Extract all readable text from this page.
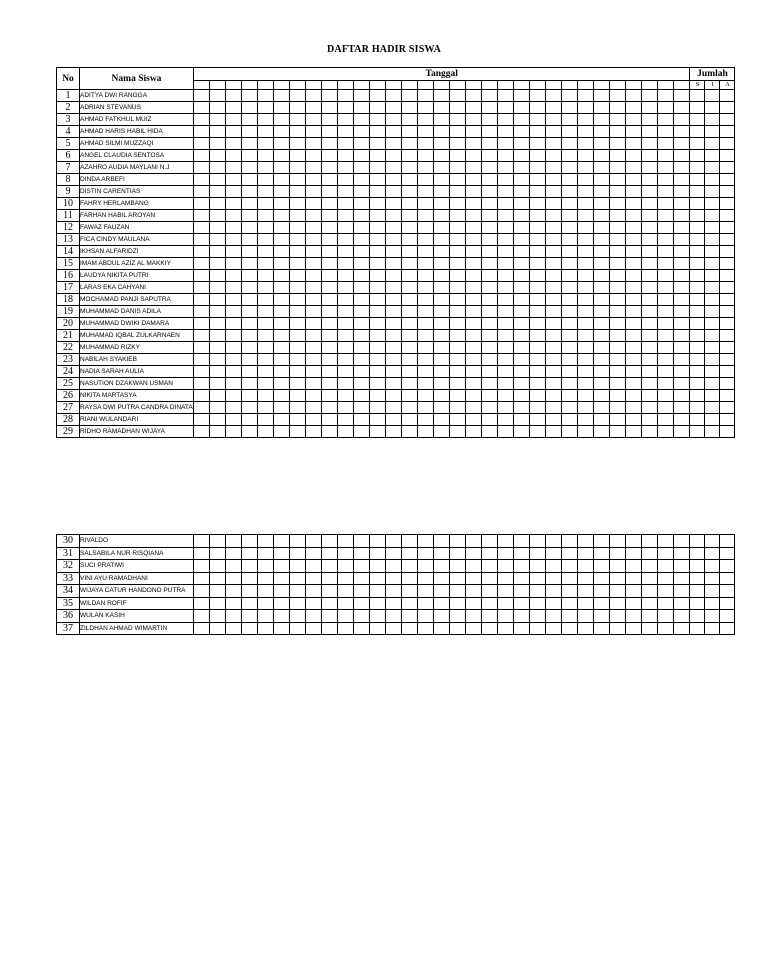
DAFTAR HADIR SISWA
No	Nama Siswa	Tanggal																															Jumlah		
																																	S	I	A
1	ADITYA DWI RANGGA																																		
2	ADRIAN STEVANUS																																		
3	AHMAD FATKHUL MUIZ																																		
4	AHMAD HARIS HABIL HIDA																																		
5	AHMAD SILMI MUZZAQI																																		
6	ANGEL CLAUDIA SENTOSA																																		
7	AZAHRO AUDIA MAYLANI N.J																																		
8	DINDA ARBEFI																																		
9	DISTIN CARENTIAS																																		
10	FAHRY HERLAMBANG																																		
11	FARHAN HABIL AROYAN																																		
12	FAWAZ FAUZAN																																		
13	FICA CINDY MAULANA																																		
14	IKHSAN ALFARIDZI																																		
15	IMAM ABDUL AZIZ AL MAKKIY																																		
16	LAUDYA NIKITA PUTRI																																		
17	LARAS EKA CAHYANI																																		
18	MOCHAMAD PANJI SAPUTRA																																		
19	MUHAMMAD DANIS ADILA																																		
20	MUHAMMAD DWIKI DAMARA																																		
21	MUHAMAD IQBAL ZULKARNAEN																																		
22	MUHAMMAD RIZKY																																		
23	NABILAH SYAKIEB																																		
24	NADIA SARAH AULIA																																		
25	NASUTION DZAKWAN USMAN																																		
26	NIKITA MARTASYA																																		
27	RAYSA DWI PUTRA CANDRA DINATA																																		
28	RIANI WULANDARI																																		
29	RIDHO RAMADHAN WIJAYA																																		
30	RIVALDO																																		
31	SALSABILA NUR RISQIANA																																		
32	SUCI PRATIWI																																		
33	VINI AYU RAMADHANI																																		
34	WIJAYA CATUR HANDONO PUTRA																																		
35	WILDAN ROFIF																																		
36	WULAN KASIH																																		
37	ZILDHAN AHMAD WIMARTIN																																		
